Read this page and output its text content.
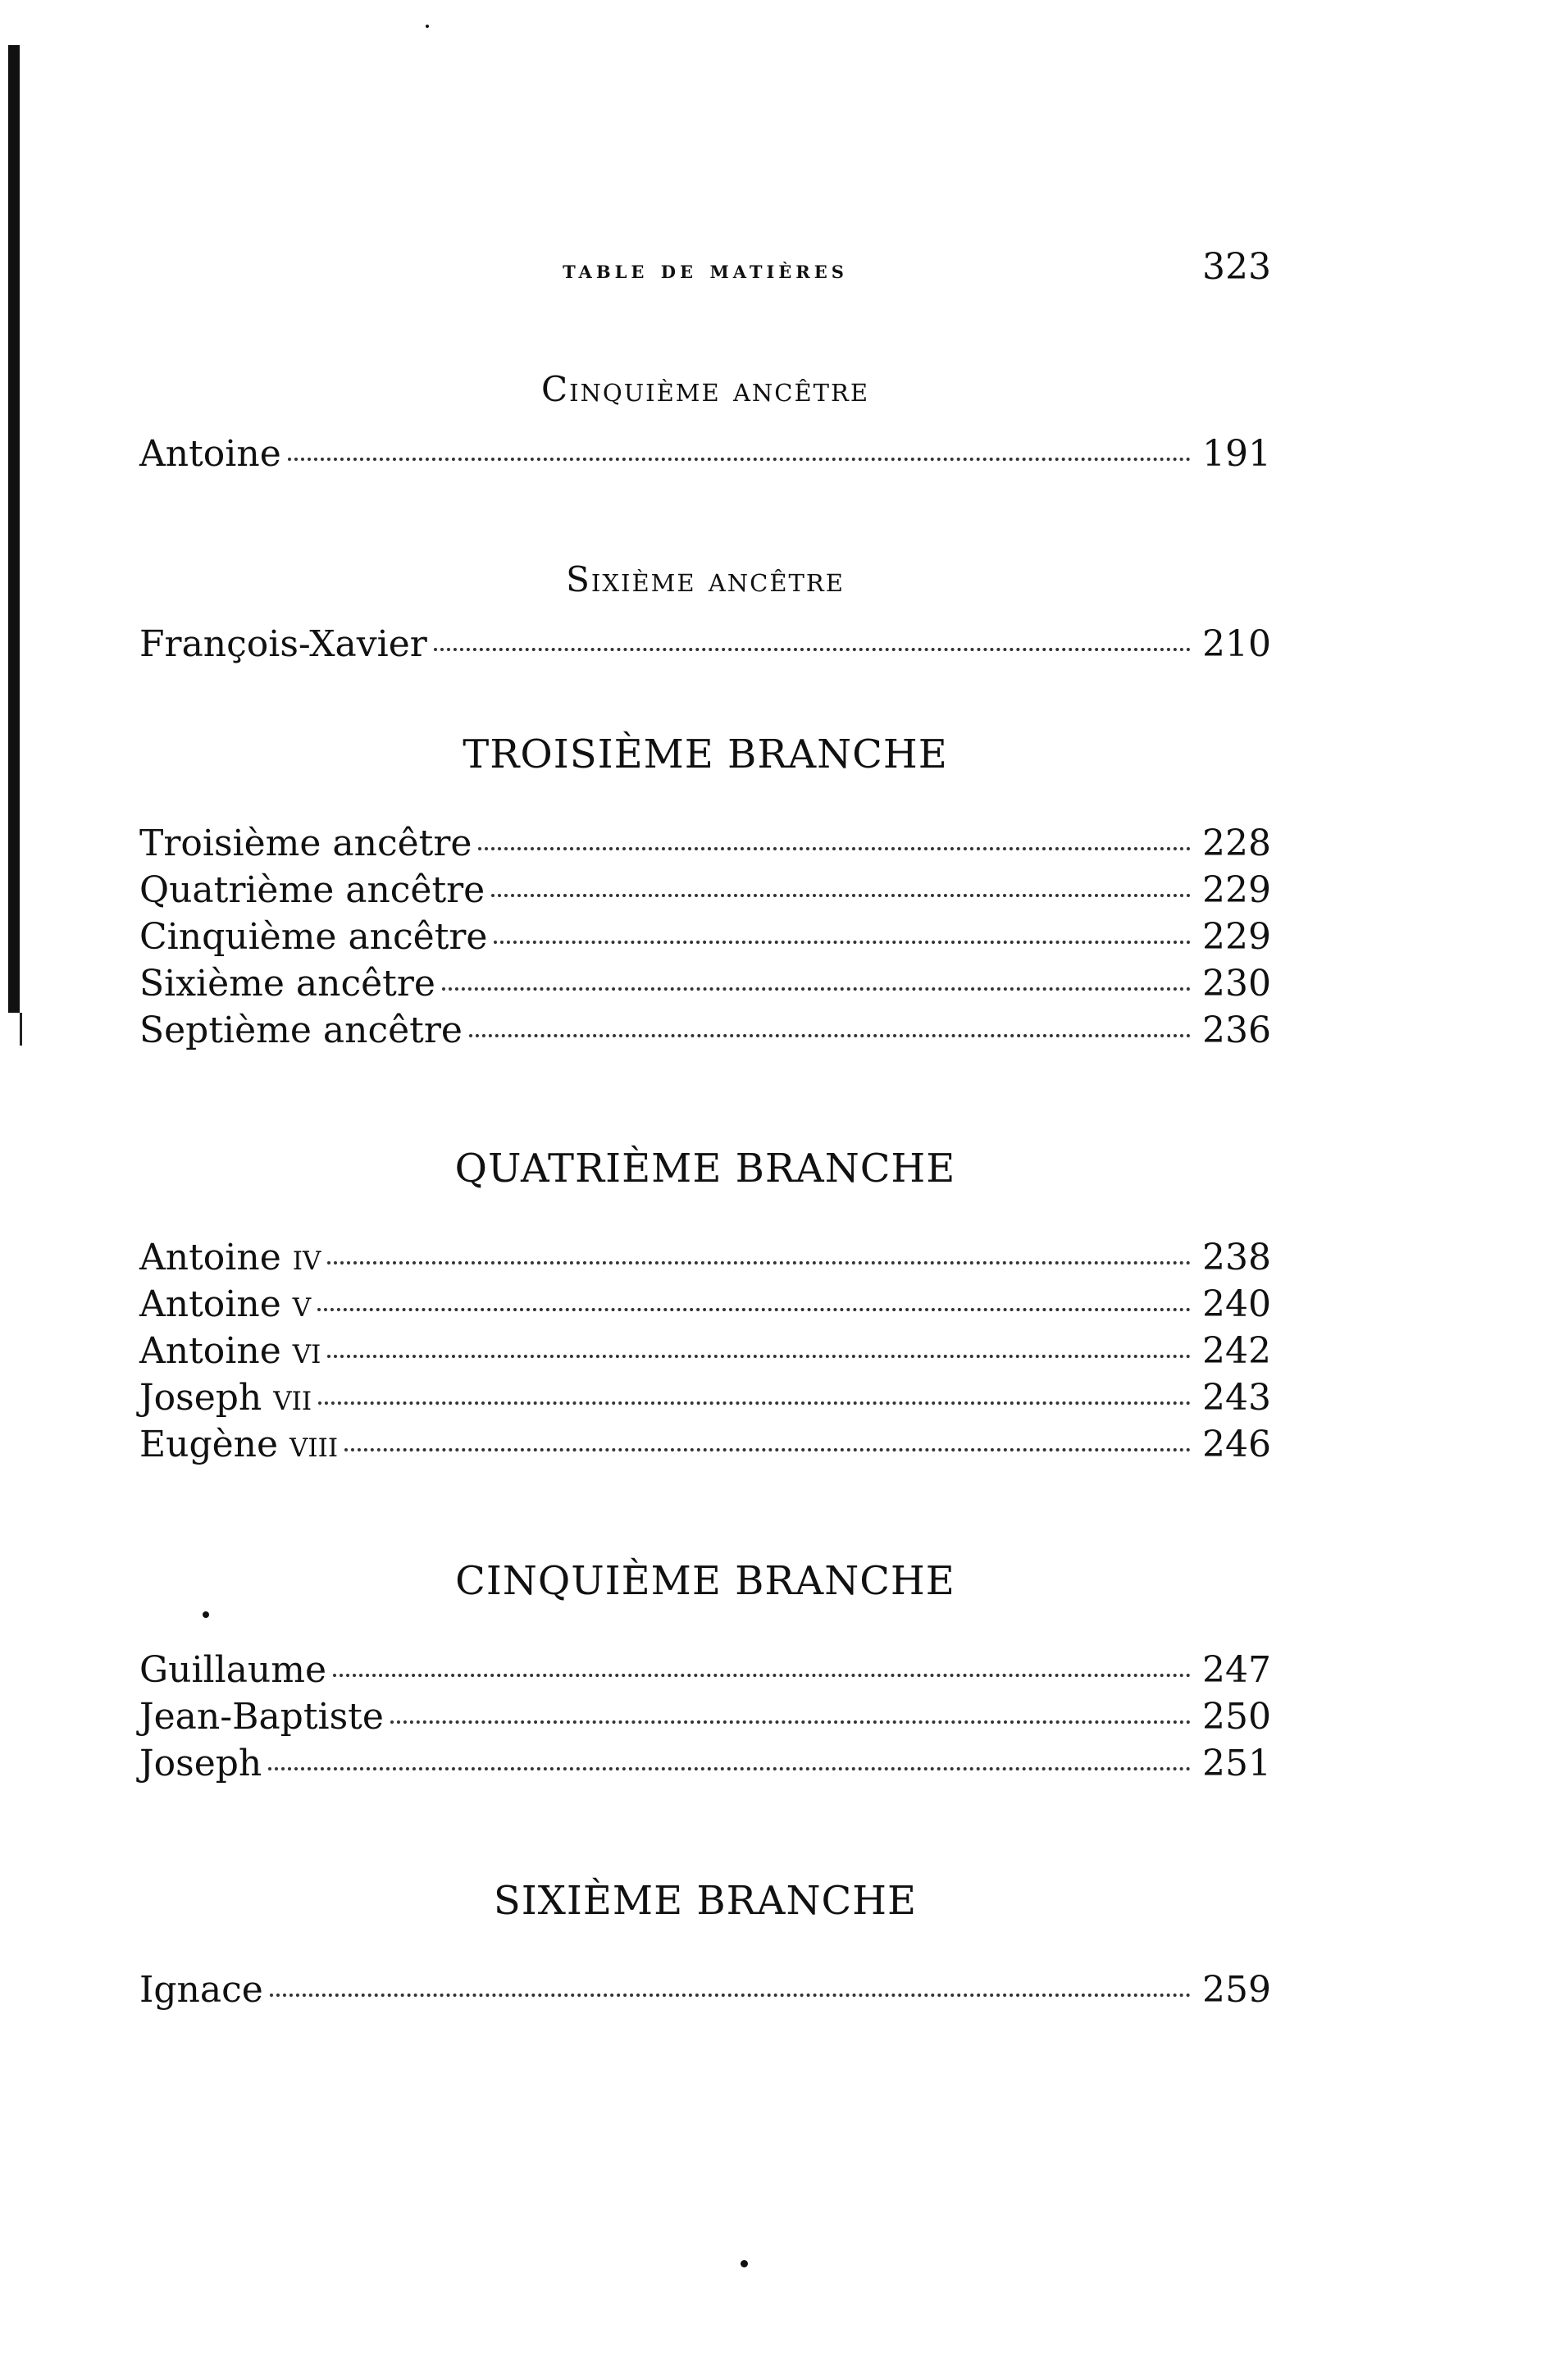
table de matières	323
Cinquième ancêtre
Antoine	191
Sixième ancêtre
François-Xavier	210
TROISIÈME BRANCHE
Troisième ancêtre	228
Quatrième ancêtre	229
Cinquième ancêtre	229
Sixième ancêtre	230
Septième ancêtre	236
QUATRIÈME BRANCHE
Antoine iv	238
Antoine v	240
Antoine vi	242
Joseph vii	243
Eugène viii	246
CINQUIÈME BRANCHE
Guillaume	247
Jean-Baptiste	250
Joseph	251
SIXIÈME BRANCHE
Ignace	259
